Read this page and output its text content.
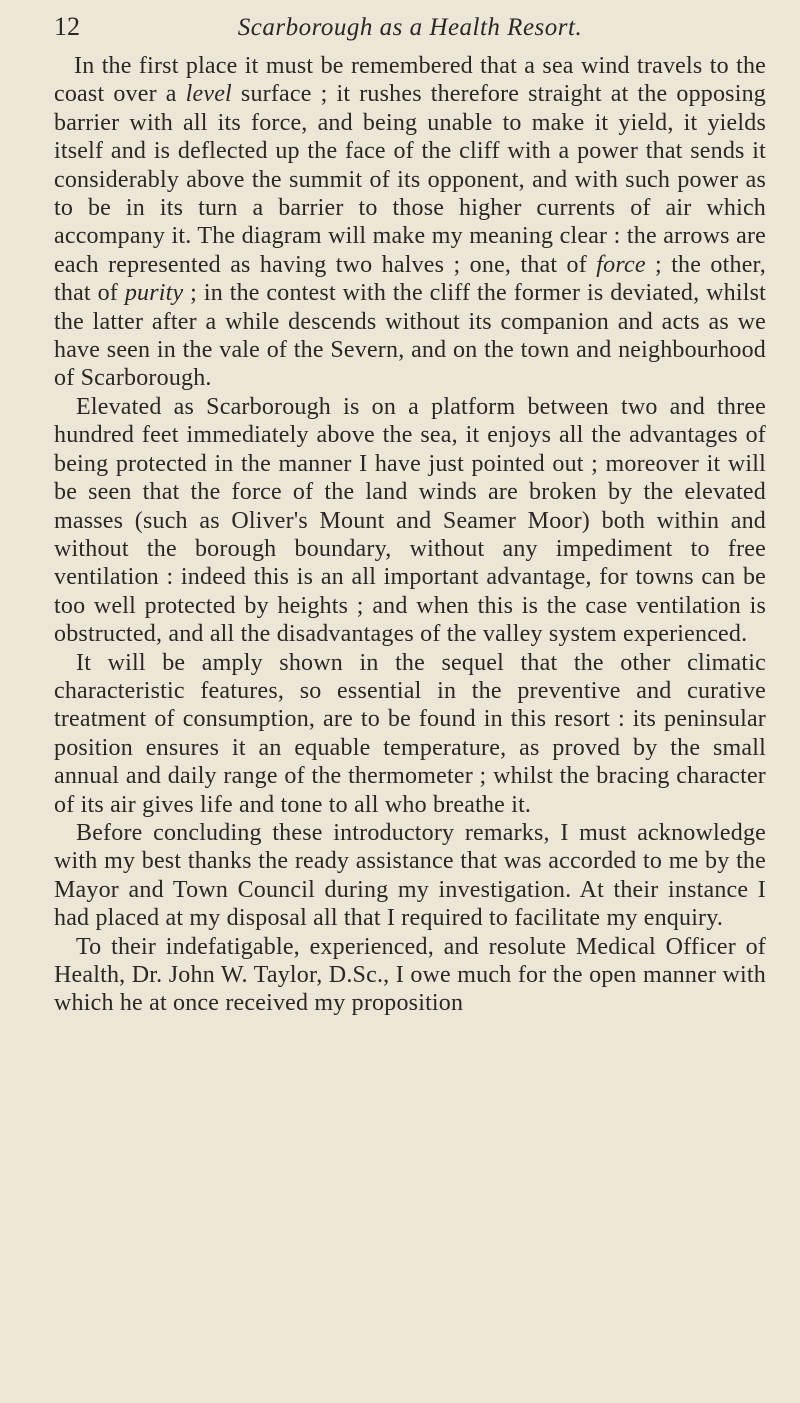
12	Scarborough as a Health Resort.

In the first place it must be remembered that a sea wind travels to the coast over a level surface ; it rushes therefore straight at the opposing barrier with all its force, and being unable to make it yield, it yields itself and is deflected up the face of the cliff with a power that sends it considerably above the summit of its opponent, and with such power as to be in its turn a barrier to those higher currents of air which accompany it. The diagram will make my meaning clear : the arrows are each represented as having two halves ; one, that of force ; the other, that of purity ; in the contest with the cliff the former is deviated, whilst the latter after a while descends without its companion and acts as we have seen in the vale of the Severn, and on the town and neighbourhood of Scarborough.

Elevated as Scarborough is on a platform between two and three hundred feet immediately above the sea, it enjoys all the advantages of being protected in the manner I have just pointed out ; moreover it will be seen that the force of the land winds are broken by the elevated masses (such as Oliver's Mount and Seamer Moor) both within and without the borough boundary, without any impediment to free ventilation : indeed this is an all important advantage, for towns can be too well protected by heights ; and when this is the case ventilation is obstructed, and all the disadvantages of the valley system experienced.

It will be amply shown in the sequel that the other climatic characteristic features, so essential in the preventive and curative treatment of consumption, are to be found in this resort : its peninsular position ensures it an equable temperature, as proved by the small annual and daily range of the thermometer ; whilst the bracing character of its air gives life and tone to all who breathe it.

Before concluding these introductory remarks, I must acknowledge with my best thanks the ready assistance that was accorded to me by the Mayor and Town Council during my investigation. At their instance I had placed at my disposal all that I required to facilitate my enquiry.

To their indefatigable, experienced, and resolute Medical Officer of Health, Dr. John W. Taylor, D.Sc., I owe much for the open manner with which he at once received my proposition
